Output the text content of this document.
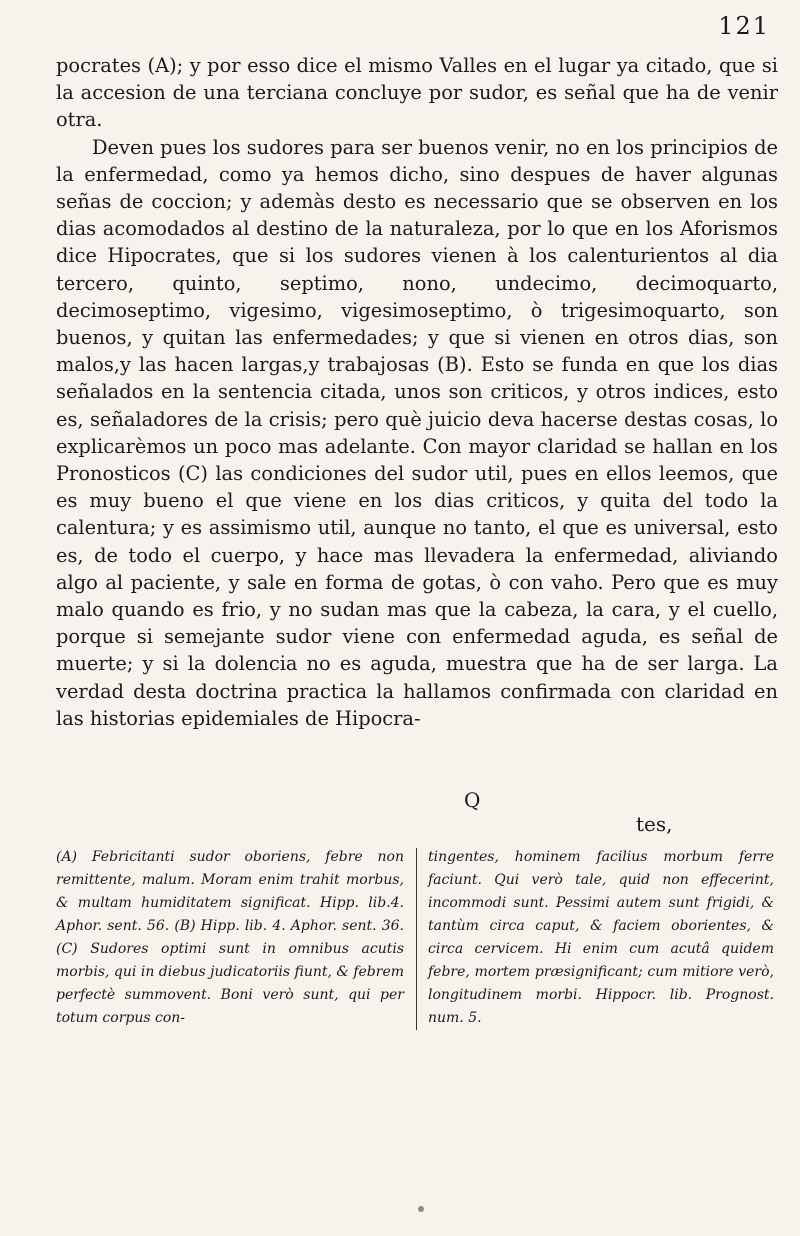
121

pocrates (A); y por esso dice el mismo Valles en el lugar ya citado, que si la accesion de una terciana concluye por sudor, es señal que ha de venir otra.

Deven pues los sudores para ser buenos venir, no en los principios de la enfermedad, como ya hemos dicho, sino despues de haver algunas señas de coccion; y ademàs desto es necessario que se observen en los dias acomodados al destino de la naturaleza, por lo que en los Aforismos dice Hipocrates, que si los sudores vienen à los calenturientos al dia tercero, quinto, septimo, nono, undecimo, decimoquarto, decimoseptimo, vigesimo, vigesimoseptimo, ò trigesimoquarto, son buenos, y quitan las enfermedades; y que si vienen en otros dias, son malos,y las hacen largas,y trabajosas (B). Esto se funda en que los dias señalados en la sentencia citada, unos son criticos, y otros indices, esto es, señaladores de la crisis; pero què juicio deva hacerse destas cosas, lo explicarèmos un poco mas adelante. Con mayor claridad se hallan en los Pronosticos (C) las condiciones del sudor util, pues en ellos leemos, que es muy bueno el que viene en los dias criticos, y quita del todo la calentura; y es assimismo util, aunque no tanto, el que es universal, esto es, de todo el cuerpo, y hace mas llevadera la enfermedad, aliviando algo al paciente, y sale en forma de gotas, ò con vaho. Pero que es muy malo quando es frio, y no sudan mas que la cabeza, la cara, y el cuello, porque si semejante sudor viene con enfermedad aguda, es señal de muerte; y si la dolencia no es aguda, muestra que ha de ser larga. La verdad desta doctrina practica la hallamos confirmada con claridad en las historias epidemiales de Hipocra-

Q
tes,
(A) Febricitanti sudor oboriens, febre non remittente, malum. Moram enim trahit morbus, & multam humiditatem significat. Hipp. lib.4. Aphor. sent. 56. (B) Hipp. lib. 4. Aphor. sent. 36. (C) Sudores optimi sunt in omnibus acutis morbis, qui in diebus judicatoriis fiunt, & febrem perfectè summovent. Boni verò sunt, qui per totum corpus con-
tingentes, hominem facilius morbum ferre faciunt. Qui verò tale, quid non effecerint, incommodi sunt. Pessimi autem sunt frigidi, & tantùm circa caput, & faciem oborientes, & circa cervicem. Hi enim cum acutâ quidem febre, mortem præsignificant; cum mitiore verò, longitudinem morbi. Hippocr. lib. Prognost. num. 5.
